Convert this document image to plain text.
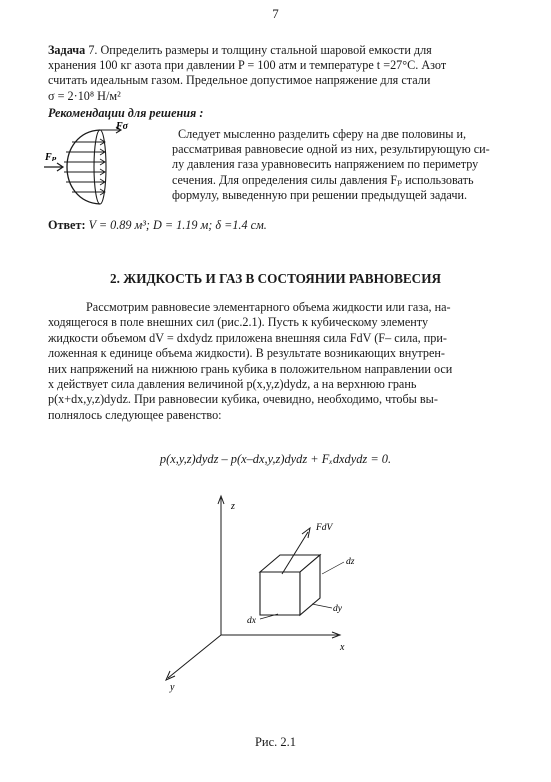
7
Задача 7. Определить размеры и толщину стальной шаровой емкости для
хранения 100 кг азота при давлении P = 100 атм и температуре t =27°C. Азот
считать идеальным газом. Предельное допустимое напряжение для стали
σ = 2·10⁸ Н/м²
Рекомендации для решения :
Fσ
Fₚ
Следует мысленно разделить сферу на две половины и,
рассматривая равновесие одной из них, результирующую си-
лу давления газа уравновесить напряжением по периметру
сечения. Для определения силы давления Fₚ использовать
формулу, выведенную при решении предыдущей задачи.
Ответ: V = 0.89 м³; D = 1.19 м; δ =1.4 см.
2. ЖИДКОСТЬ И ГАЗ В СОСТОЯНИИ РАВНОВЕСИЯ
Рассмотрим равновесие элементарного объема жидкости или газа, на-
ходящегося в поле внешних сил (рис.2.1). Пусть к кубическому элементу
жидкости объемом dV = dxdydz приложена внешняя сила FdV (F– сила, при-
ложенная к единице объема жидкости). В результате возникающих внутрен-
них напряжений на нижнюю грань кубика в положительном направлении оси
x действует сила давления величиной p(x,y,z)dydz, а на верхнюю грань
p(x+dx,y,z)dydz. При равновесии кубика, очевидно, необходимо, чтобы вы-
полнялось следующее равенство:
p(x,y,z)dydz – p(x–dx,y,z)dydz + Fₓdxdydz = 0.
z
x
y
FdV
dz
dy
dx
Рис. 2.1
